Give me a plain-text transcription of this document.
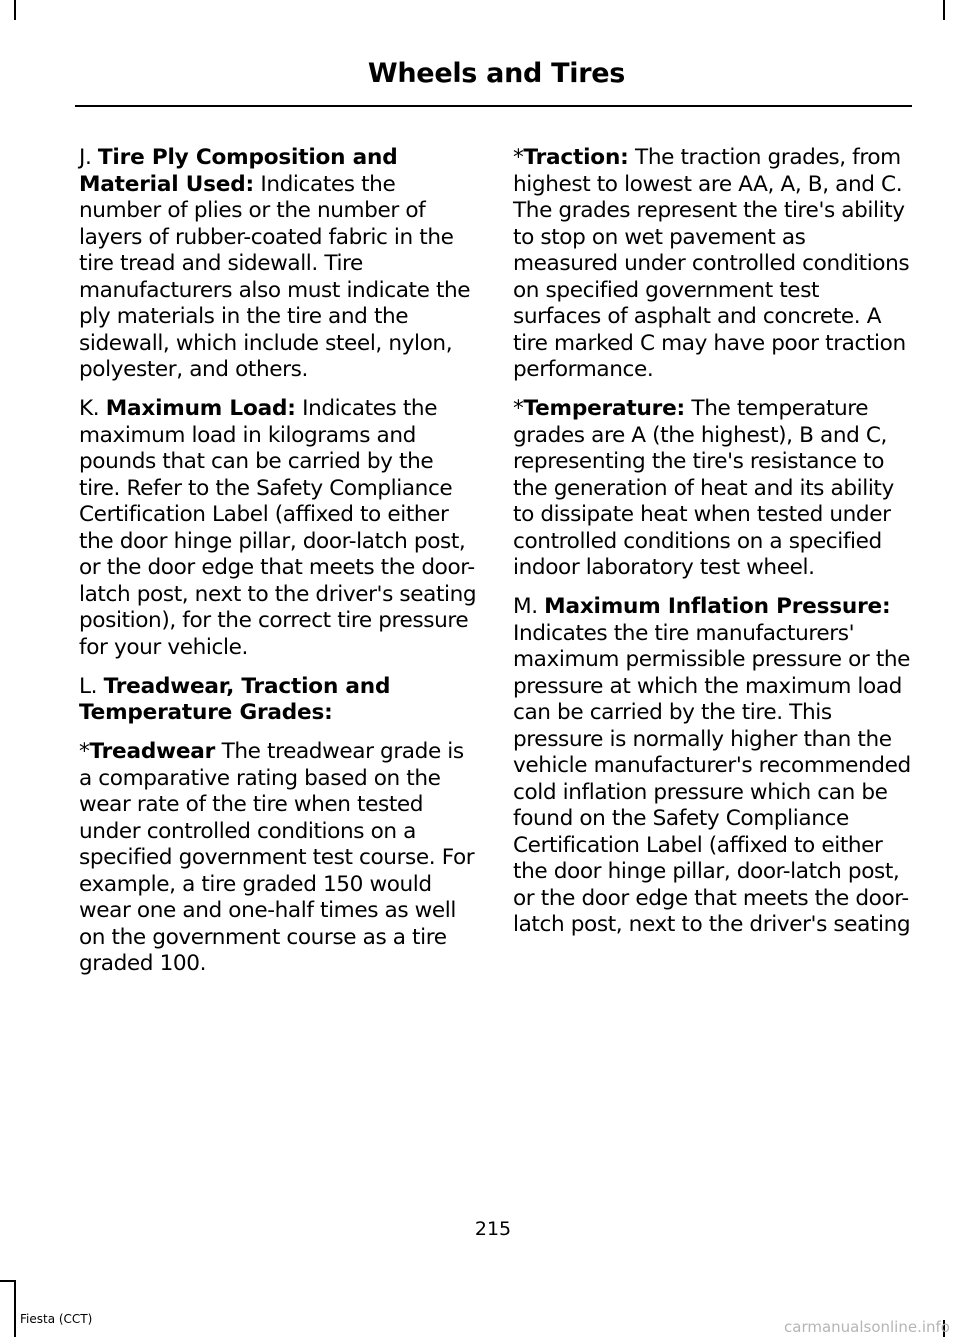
Wheels and Tires

J. Tire Ply Composition and Material Used: Indicates the number of plies or the number of layers of rubber-coated fabric in the tire tread and sidewall. Tire manufacturers also must indicate the ply materials in the tire and the sidewall, which include steel, nylon, polyester, and others.

K. Maximum Load: Indicates the maximum load in kilograms and pounds that can be carried by the tire. Refer to the Safety Compliance Certification Label (affixed to either the door hinge pillar, door-latch post, or the door edge that meets the door-latch post, next to the driver's seating position), for the correct tire pressure for your vehicle.

L. Treadwear, Traction and Temperature Grades:

*Treadwear The treadwear grade is a comparative rating based on the wear rate of the tire when tested under controlled conditions on a specified government test course. For example, a tire graded 150 would wear one and one-half times as well on the government course as a tire graded 100.

*Traction: The traction grades, from highest to lowest are AA, A, B, and C. The grades represent the tire's ability to stop on wet pavement as measured under controlled conditions on specified government test surfaces of asphalt and concrete. A tire marked C may have poor traction performance.

*Temperature: The temperature grades are A (the highest), B and C, representing the tire's resistance to the generation of heat and its ability to dissipate heat when tested under controlled conditions on a specified indoor laboratory test wheel.

M. Maximum Inflation Pressure: Indicates the tire manufacturers' maximum permissible pressure or the pressure at which the maximum load can be carried by the tire. This pressure is normally higher than the vehicle manufacturer's recommended cold inflation pressure which can be found on the Safety Compliance Certification Label (affixed to either the door hinge pillar, door-latch post, or the door edge that meets the door-latch post, next to the driver's seating

215
Fiesta (CCT)	carmanualsonline.info
